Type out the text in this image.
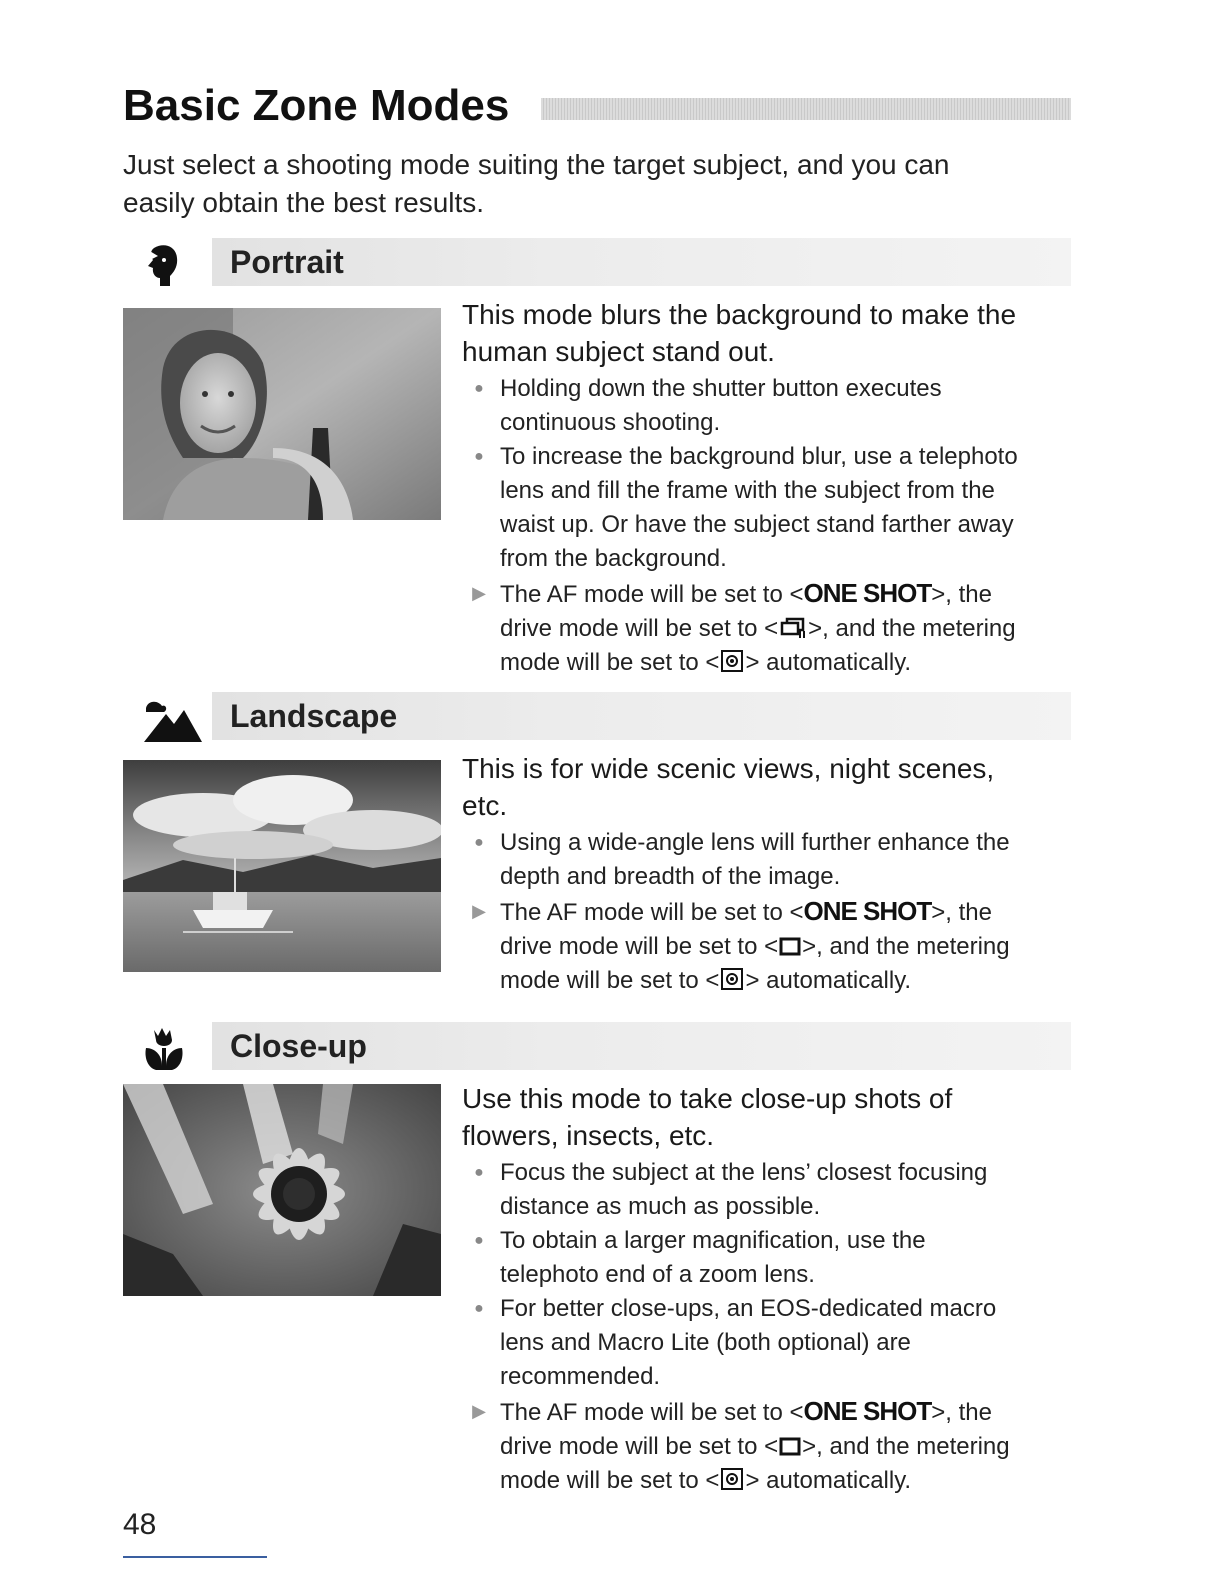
Basic Zone Modes
Just select a shooting mode suiting the target subject, and you can
easily obtain the best results.
Portrait
This mode blurs the background to make the
human subject stand out.
● Holding down the shutter button executes
continuous shooting.
● To increase the background blur, use a telephoto
lens and fill the frame with the subject from the
waist up. Or have the subject stand farther away
from the background.
▶ The AF mode will be set to <ONE SHOT>, the
drive mode will be set to < >, and the metering
mode will be set to < > automatically.
Landscape
This is for wide scenic views, night scenes,
etc.
● Using a wide-angle lens will further enhance the
depth and breadth of the image.
▶ The AF mode will be set to <ONE SHOT>, the
drive mode will be set to < >, and the metering
mode will be set to < > automatically.
Close-up
Use this mode to take close-up shots of
flowers, insects, etc.
● Focus the subject at the lens’ closest focusing
distance as much as possible.
● To obtain a larger magnification, use the
telephoto end of a zoom lens.
● For better close-ups, an EOS-dedicated macro
lens and Macro Lite (both optional) are
recommended.
▶ The AF mode will be set to <ONE SHOT>, the
drive mode will be set to < >, and the metering
mode will be set to < > automatically.
48
